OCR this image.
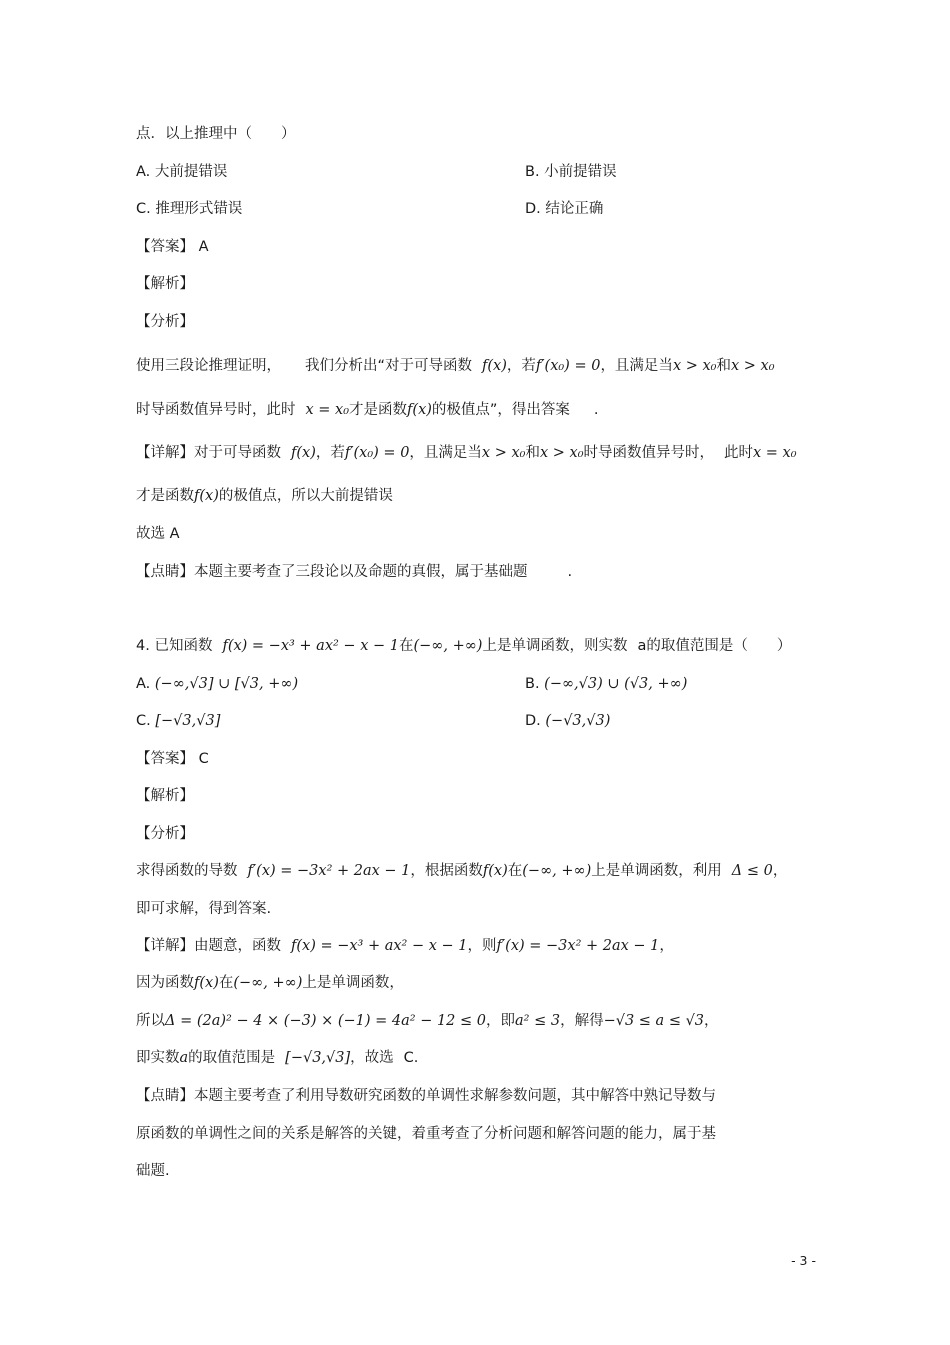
点．以上推理中（　　）
A. 大前提错误	B. 小前提错误
C. 推理形式错误	D. 结论正确
【答案】 A
【解析】
【分析】
使用三段论推理证明， 我们分析出“对于可导函数 f(x)，若f′(x₀) = 0，且满足当x > x₀和x > x₀
时导函数值异号时，此时 x = x₀才是函数f(x)的极值点”，得出答案 .
【详解】对于可导函数 f(x)，若f′(x₀) = 0，且满足当x > x₀和x > x₀时导函数值异号时， 此时x = x₀
才是函数f(x)的极值点，所以大前提错误
故选 A
【点睛】本题主要考查了三段论以及命题的真假，属于基础题	.
4. 已知函数 f(x) = −x³ + ax² − x − 1在(−∞, +∞)上是单调函数，则实数 a的取值范围是（　　）
A. (−∞,√3] ∪ [√3, +∞)	B. (−∞,√3) ∪ (√3, +∞)
C. [−√3,√3]	D. (−√3,√3)
【答案】 C
【解析】
【分析】
求得函数的导数 f′(x) = −3x² + 2ax − 1，根据函数f(x)在(−∞, +∞)上是单调函数，利用 Δ ≤ 0，
即可求解，得到答案.
【详解】由题意，函数 f(x) = −x³ + ax² − x − 1，则f′(x) = −3x² + 2ax − 1，
因为函数f(x)在(−∞, +∞)上是单调函数，
所以Δ = (2a)² − 4 × (−3) × (−1) = 4a² − 12 ≤ 0，即a² ≤ 3，解得−√3 ≤ a ≤ √3，
即实数a的取值范围是 [−√3,√3]，故选 C.
【点睛】本题主要考查了利用导数研究函数的单调性求解参数问题，其中解答中熟记导数与
原函数的单调性之间的关系是解答的关键，着重考查了分析问题和解答问题的能力，属于基
础题.
- 3 -
